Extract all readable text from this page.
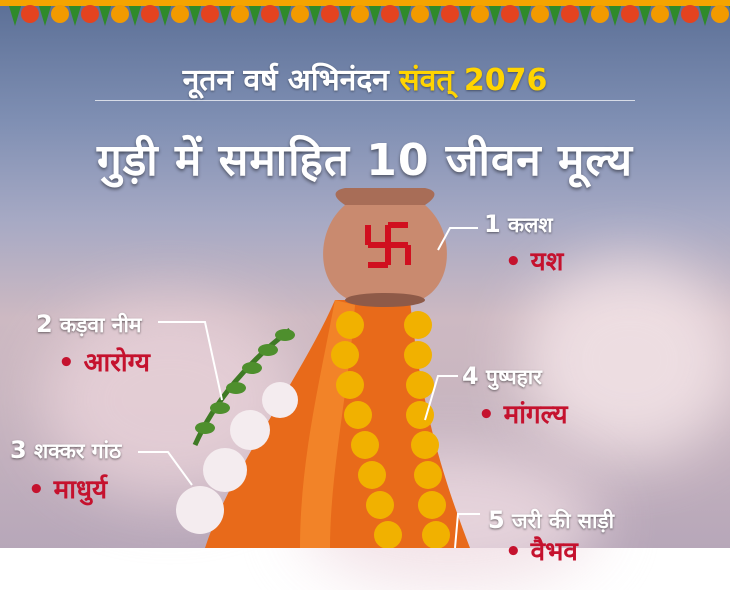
नूतन वर्ष अभिनंदन संवत् 2076
गुड़ी में समाहित 10 जीवन मूल्य
1 कलश
• यश
2 कड़वा नीम
• आरोग्य
3 शक्कर गांठ
• माधुर्य
4 पुष्पहार
• मांगल्य
5 जरी की साड़ी
• वैभव
